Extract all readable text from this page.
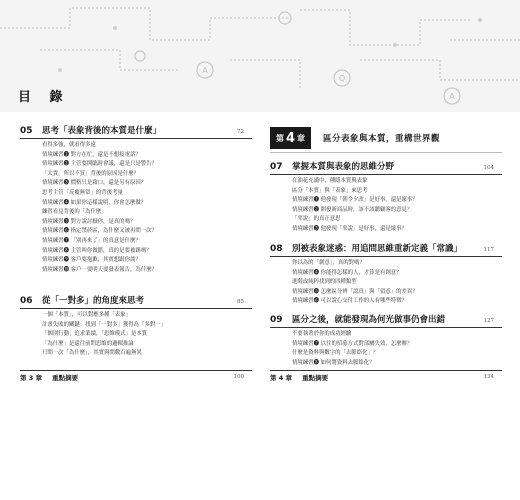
A
Q
A
目 錄
05	思考「表象背後的本質是什麼」	72
看得多強，就看得多遠
情境練習❶ 對方在忙，還是不想接電話？
情境練習❷ 主管要開臨時會議，還是只是警告？
「太貴，所以不買」背後的原因是什麼？
情境練習❸ 價格只是藉口，還是另有原因？
思考主管「反覆無常」的背後考量
情境練習❹ 如果你這樣說明，你會怎麼做？
練習看見背後的「為什麼」
情境練習❺ 對方說討厭你，是真的嗎？
情境練習❻ 指定禁菸區，為什麼又被再問一次？
情境練習❼ 「別再來了」的真意是什麼？
情境練習❽ 主管叫你做錯，真的是要被踢嗎？
情境練習❾ 客戶要抱歉，其實想跟你談？
情境練習❿ 客戶⋯要明天要發表報告，為什麼？
06	從「一對多」的角度來思考	85
一個「本質」，可以對應多種「表象」
計畫失敗的關鍵：找到「一對多」獲得為「多對一」
「個別行動」追求業績，「思維模式」是本質
「為什麼」是還往前問思維的邏輯推論
只問一次「為什麼」，其實與問數百遍無異
第 3 章 重點摘要	100
第 4 章 區分表象與本質，重構世界觀
07	掌握本質與表象的思維分野	104
在油花充滿中，種隱本質與表象
區分「本質」與「表象」來思考
情境練習❶ 他發現「朝令夕改」是好事，還是壞事？
情境練習❷ 開發新商品時，該不該聽顧客的意見？
「辜說」的真正意思
情境練習❸ 他發現「辜說」是好事，還是壞事？
08	別被表象迷惑：用追問思維重新定義「常識」	117
你以為的「創意」，真的對嗎？
情境練習❹ 你能得怎樣的人，才算是有創意？
進階或純粹找到的四種類型
情境練習❺ 怎麼區分辨「認真」與「留意」的差異？
情境練習❻ 可以說心交付工作的人有哪些特徵？
09	區分之後，就能發現為何光做事仍會出錯	127
不要執著於你的成功經驗
情境練習❼ 以往的招募方式對部屬失效，怎麼辦？
什麼是資料與數字的「去脈絡化」？
情境練習❽ 如何將資料去脈絡化？
第 4 章 重點摘要	134
